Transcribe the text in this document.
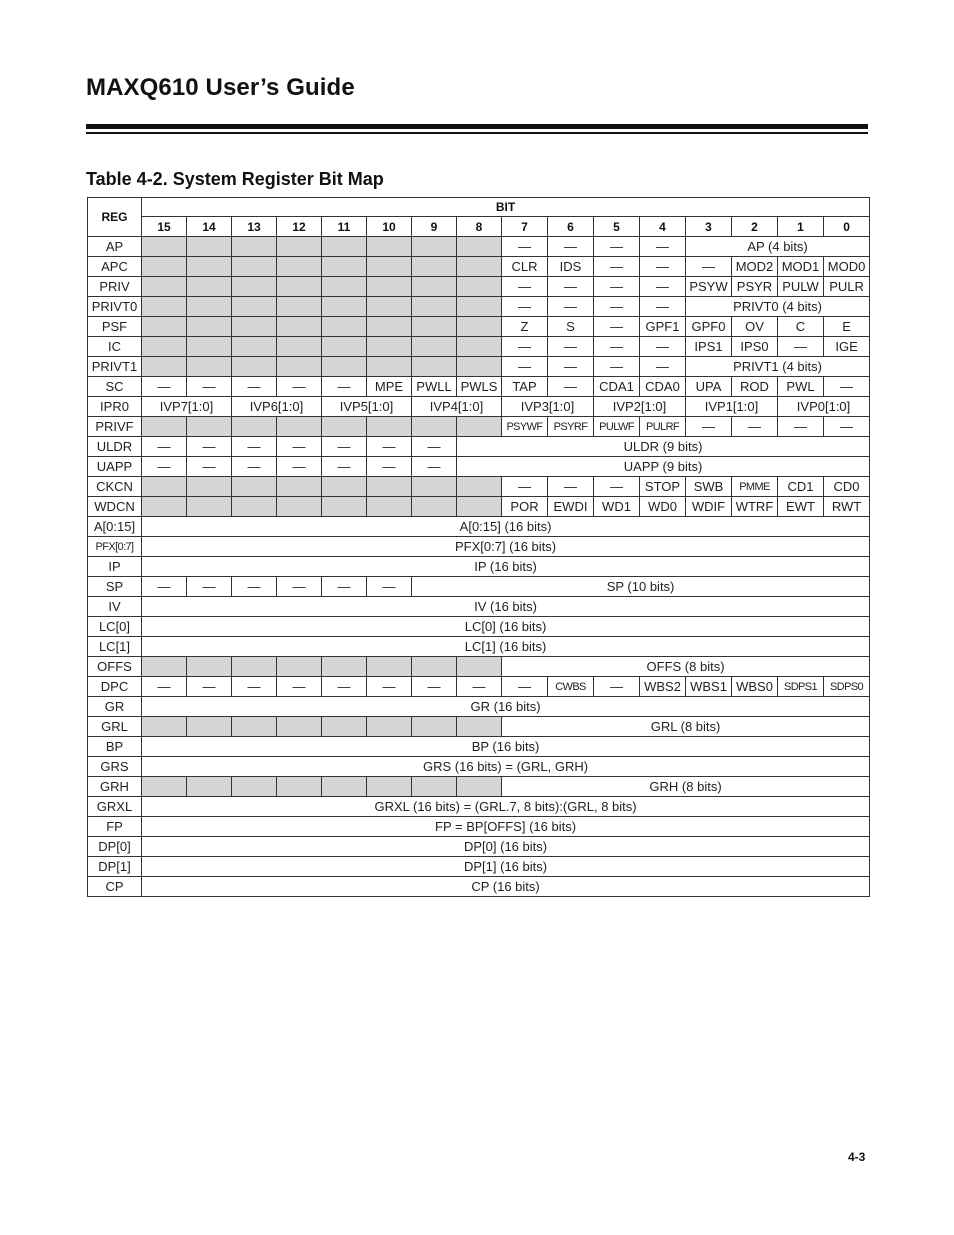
MAXQ610 User’s Guide
Table 4-2. System Register Bit Map
REG	BIT															
	15	14	13	12	11	10	9	8	7	6	5	4	3	2	1	0
AP									—	—	—	—	AP (4 bits)			
APC									CLR	IDS	—	—	—	MOD2	MOD1	MOD0
PRIV									—	—	—	—	PSYW	PSYR	PULW	PULR
PRIVT0									—	—	—	—	PRIVT0 (4 bits)			
PSF									Z	S	—	GPF1	GPF0	OV	C	E
IC									—	—	—	—	IPS1	IPS0	—	IGE
PRIVT1									—	—	—	—	PRIVT1 (4 bits)			
SC	—	—	—	—	—	MPE	PWLL	PWLS	TAP	—	CDA1	CDA0	UPA	ROD	PWL	—
IPR0	IVP7[1:0]		IVP6[1:0]		IVP5[1:0]		IVP4[1:0]		IVP3[1:0]		IVP2[1:0]		IVP1[1:0]		IVP0[1:0]	
PRIVF									PSYWF	PSYRF	PULWF	PULRF	—	—	—	—
ULDR	—	—	—	—	—	—	—	ULDR (9 bits)								
UAPP	—	—	—	—	—	—	—	UAPP (9 bits)								
CKCN									—	—	—	STOP	SWB	PMME	CD1	CD0
WDCN									POR	EWDI	WD1	WD0	WDIF	WTRF	EWT	RWT
A[0:15]	A[0:15] (16 bits)															
PFX[0:7]	PFX[0:7] (16 bits)															
IP	IP (16 bits)															
SP	—	—	—	—	—	—	SP (10 bits)									
IV	IV (16 bits)															
LC[0]	LC[0] (16 bits)															
LC[1]	LC[1] (16 bits)															
OFFS									OFFS (8 bits)							
DPC	—	—	—	—	—	—	—	—	—	CWBS	—	WBS2	WBS1	WBS0	SDPS1	SDPS0
GR	GR (16 bits)															
GRL									GRL (8 bits)							
BP	BP (16 bits)															
GRS	GRS (16 bits) = (GRL, GRH)															
GRH									GRH (8 bits)							
GRXL	GRXL (16 bits) = (GRL.7, 8 bits):(GRL, 8 bits)															
FP	FP = BP[OFFS] (16 bits)															
DP[0]	DP[0] (16 bits)															
DP[1]	DP[1] (16 bits)															
CP	CP (16 bits)															
4-3
